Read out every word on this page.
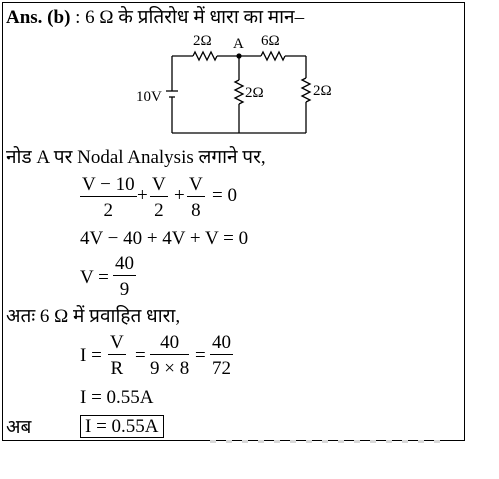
Ans. (b) : 6 Ω के प्रतिरोध में धारा का मान–
A
2Ω	6Ω
2Ω	2Ω
10V
नोड A पर Nodal Analysis लगाने पर,
$\frac{V - 10}{2} + \frac{V}{2} + \frac{V}{8} = 0$
4V − 40 + 4V + V = 0
$V = \frac{40}{9}$
अतः 6 Ω में प्रवाहित धारा,
$I = \frac{V}{R} = \frac{40}{9 \times 8} = \frac{40}{72}$
I = 0.55A
अब	I = 0.55A
